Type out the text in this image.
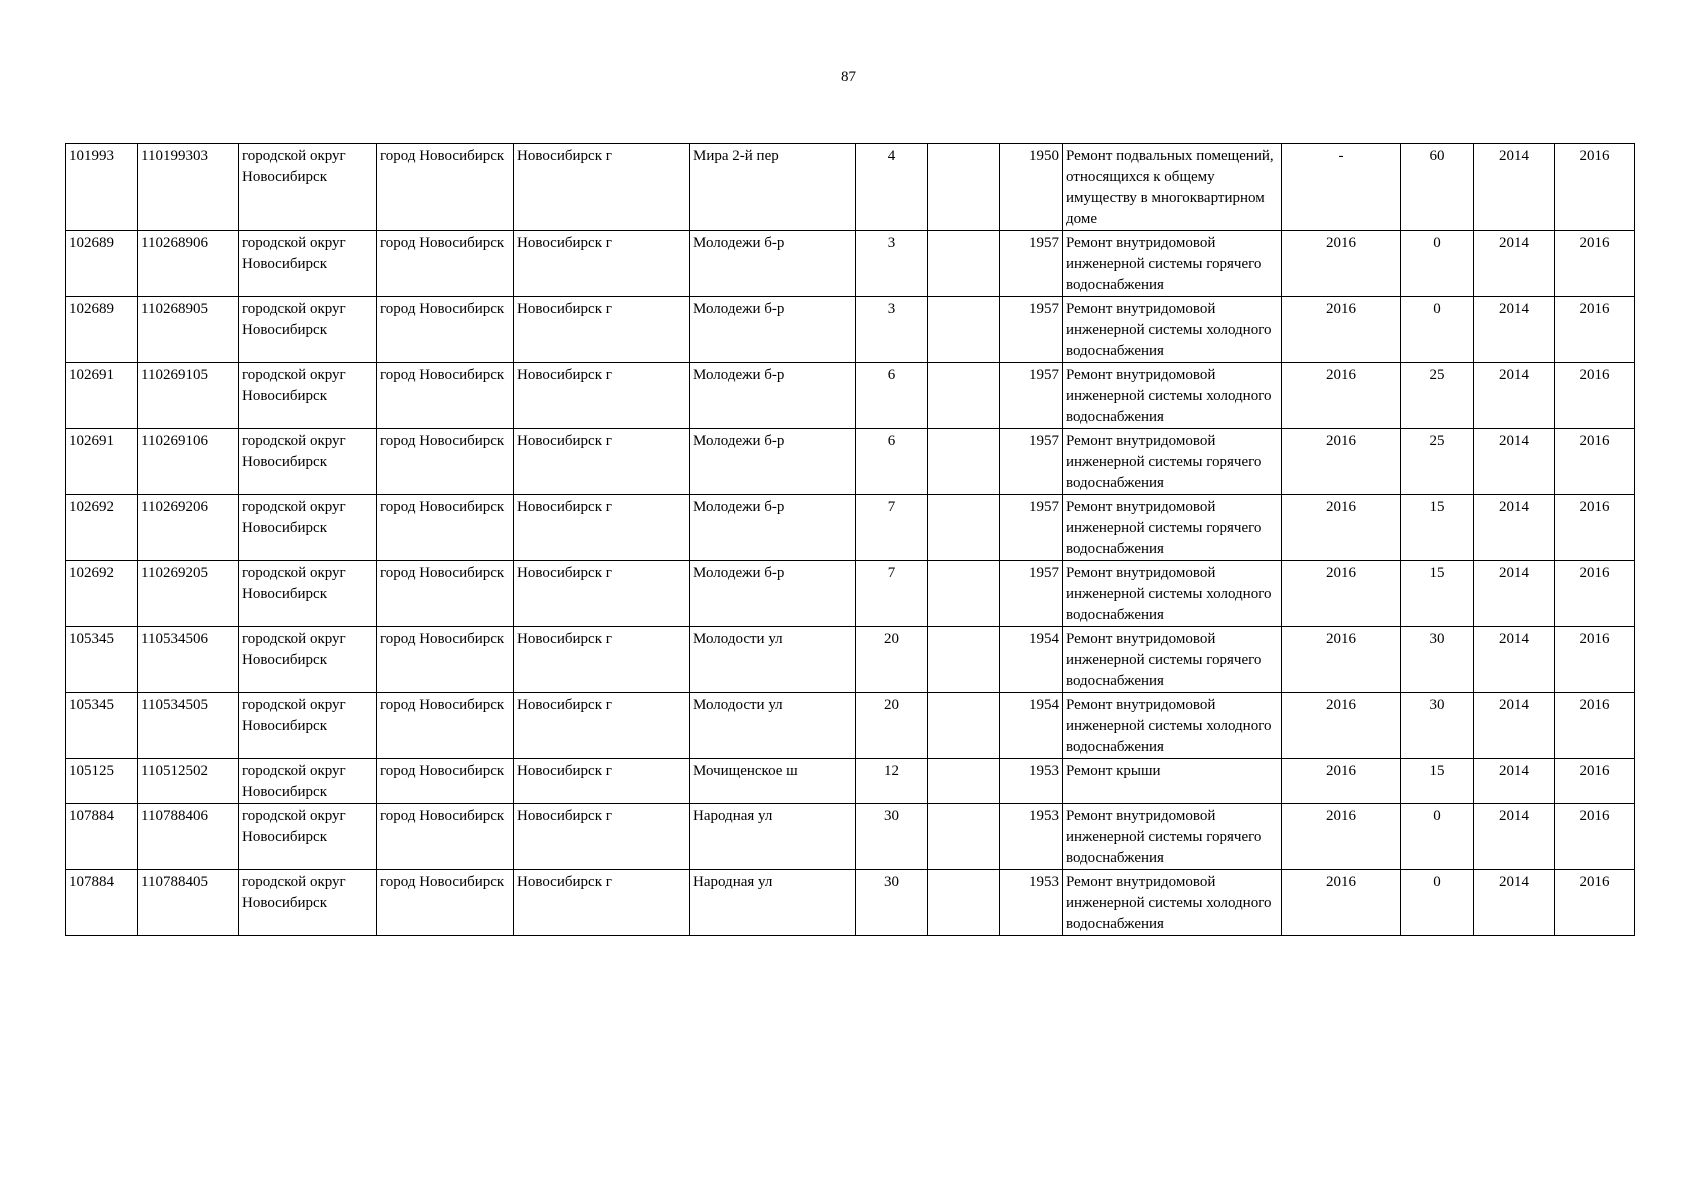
87
101993	110199303	городской округ Новосибирск	город Новосибирск	Новосибирск г	Мира 2-й пер	4		1950	Ремонт подвальных помещений, относящихся к общему имуществу в многоквартирном доме	-	60	2014	2016
102689	110268906	городской округ Новосибирск	город Новосибирск	Новосибирск г	Молодежи б-р	3		1957	Ремонт внутридомовой инженерной системы горячего водоснабжения	2016	0	2014	2016
102689	110268905	городской округ Новосибирск	город Новосибирск	Новосибирск г	Молодежи б-р	3		1957	Ремонт внутридомовой инженерной системы холодного водоснабжения	2016	0	2014	2016
102691	110269105	городской округ Новосибирск	город Новосибирск	Новосибирск г	Молодежи б-р	6		1957	Ремонт внутридомовой инженерной системы холодного водоснабжения	2016	25	2014	2016
102691	110269106	городской округ Новосибирск	город Новосибирск	Новосибирск г	Молодежи б-р	6		1957	Ремонт внутридомовой инженерной системы горячего водоснабжения	2016	25	2014	2016
102692	110269206	городской округ Новосибирск	город Новосибирск	Новосибирск г	Молодежи б-р	7		1957	Ремонт внутридомовой инженерной системы горячего водоснабжения	2016	15	2014	2016
102692	110269205	городской округ Новосибирск	город Новосибирск	Новосибирск г	Молодежи б-р	7		1957	Ремонт внутридомовой инженерной системы холодного водоснабжения	2016	15	2014	2016
105345	110534506	городской округ Новосибирск	город Новосибирск	Новосибирск г	Молодости ул	20		1954	Ремонт внутридомовой инженерной системы горячего водоснабжения	2016	30	2014	2016
105345	110534505	городской округ Новосибирск	город Новосибирск	Новосибирск г	Молодости ул	20		1954	Ремонт внутридомовой инженерной системы холодного водоснабжения	2016	30	2014	2016
105125	110512502	городской округ Новосибирск	город Новосибирск	Новосибирск г	Мочищенское ш	12		1953	Ремонт крыши	2016	15	2014	2016
107884	110788406	городской округ Новосибирск	город Новосибирск	Новосибирск г	Народная ул	30		1953	Ремонт внутридомовой инженерной системы горячего водоснабжения	2016	0	2014	2016
107884	110788405	городской округ Новосибирск	город Новосибирск	Новосибирск г	Народная ул	30		1953	Ремонт внутридомовой инженерной системы холодного водоснабжения	2016	0	2014	2016
